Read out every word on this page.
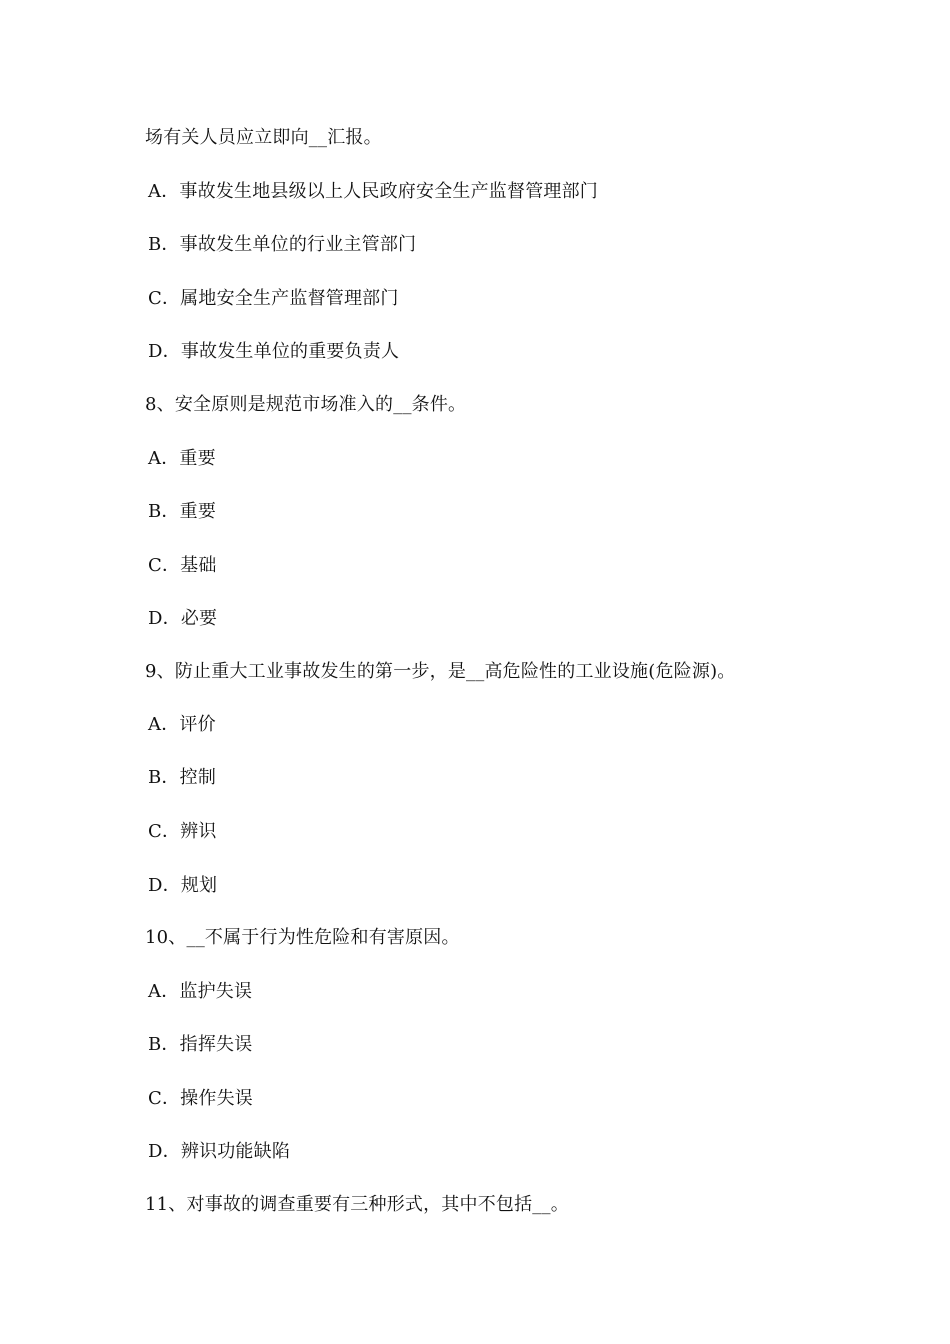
场有关人员应立即向__汇报。
A．事故发生地县级以上人民政府安全生产监督管理部门
B．事故发生单位的行业主管部门
C．属地安全生产监督管理部门
D．事故发生单位的重要负责人
8、安全原则是规范市场准入的__条件。
A．重要
B．重要
C．基础
D．必要
9、防止重大工业事故发生的第一步，是__高危险性的工业设施(危险源)。
A．评价
B．控制
C．辨识
D．规划
10、__不属于行为性危险和有害原因。
A．监护失误
B．指挥失误
C．操作失误
D．辨识功能缺陷
11、对事故的调查重要有三种形式，其中不包括__。
